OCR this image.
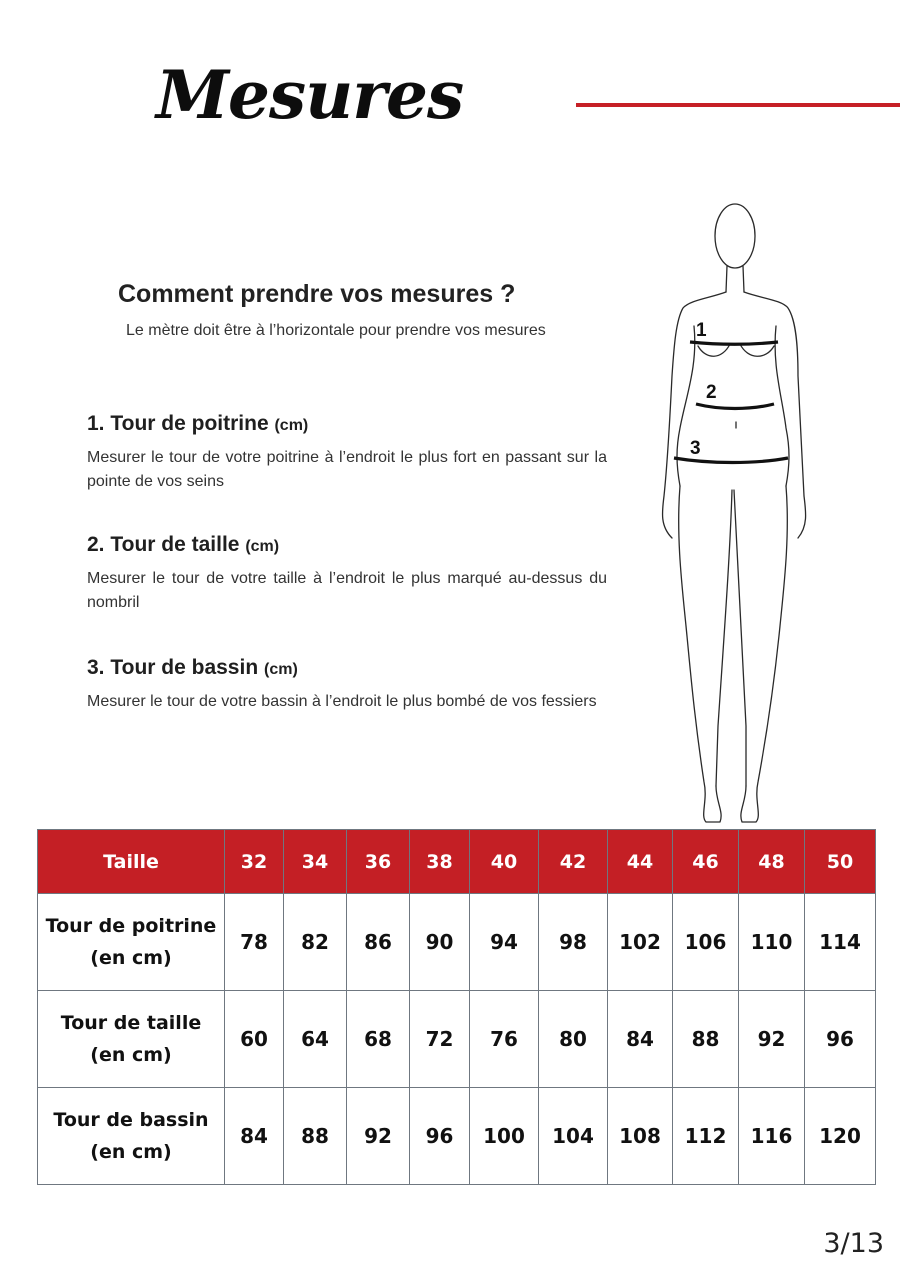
Mesures
Comment prendre vos mesures ?

Le mètre doit être à l’horizontale pour prendre vos mesures

1. Tour de poitrine (cm)

Mesurer le tour de votre poitrine à l’endroit le plus fort en passant sur la pointe de vos seins

2. Tour de taille (cm)

Mesurer le tour de votre taille à l’endroit le plus marqué au-dessus du nombril

3. Tour de bassin (cm)

Mesurer le tour de votre bassin à l’endroit le plus bombé de vos fessiers

1
2
3
Taille	32	34	36	38	40	42	44	46	48	50
Tour de poitrine
(en cm)	78	82	86	90	94	98	102	106	110	114
Tour de taille
(en cm)	60	64	68	72	76	80	84	88	92	96
Tour de bassin
(en cm)	84	88	92	96	100	104	108	112	116	120

3/13
